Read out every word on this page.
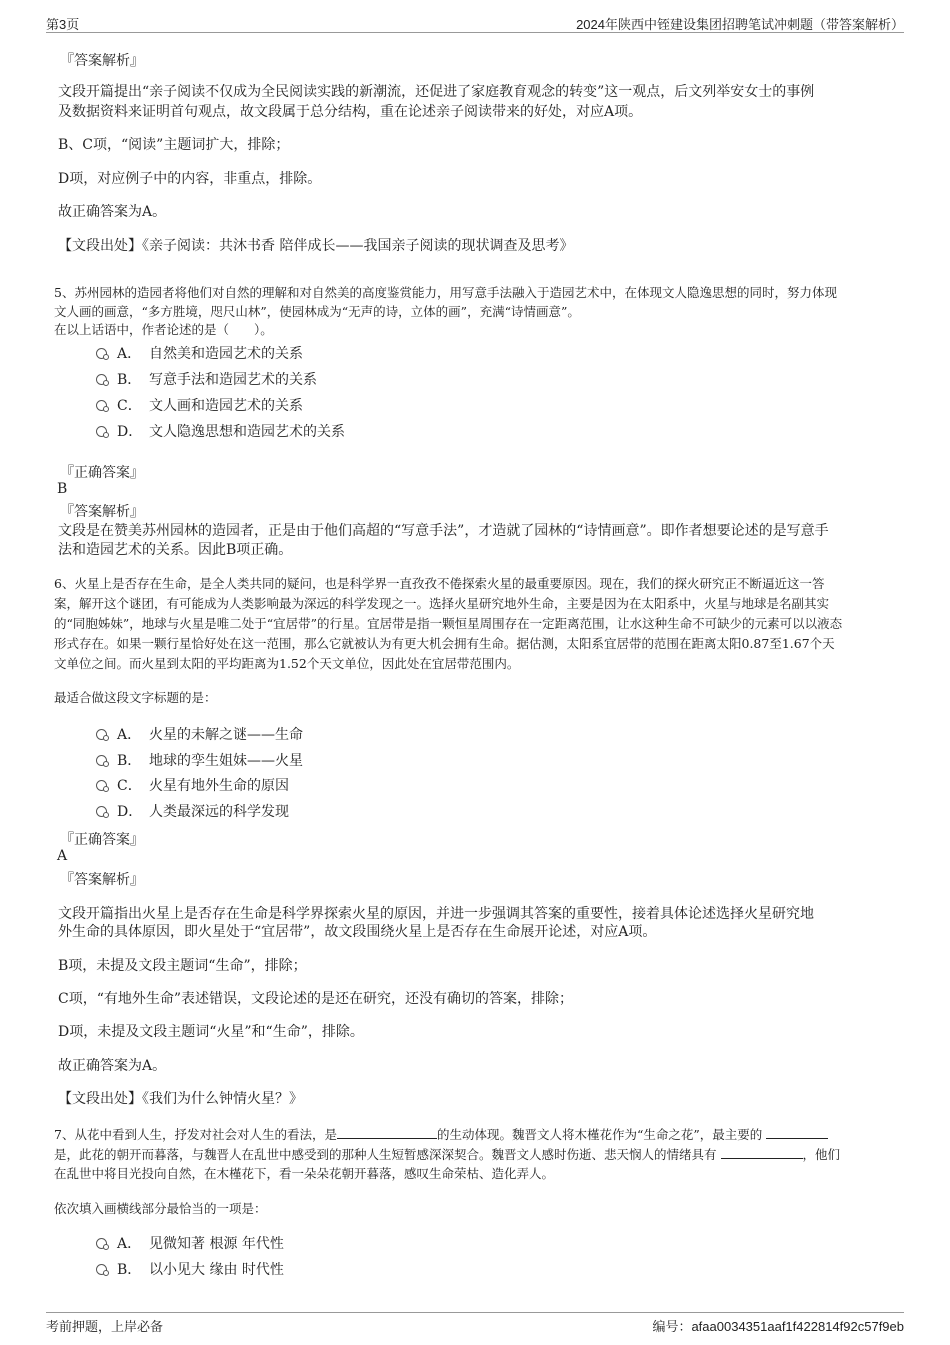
第3页	2024年陕西中铚建设集团招聘笔试冲刺题（带答案解析）
『答案解析』
文段开篇提出“亲子阅读不仅成为全民阅读实践的新潮流，还促进了家庭教育观念的转变”这一观点，后文列举安女士的事例
及数据资料来证明首句观点，故文段属于总分结构，重在论述亲子阅读带来的好处，对应A项。
B、C项，“阅读”主题词扩大，排除；
D项，对应例子中的内容，非重点，排除。
故正确答案为A。
【文段出处】《亲子阅读：共沐书香 陪伴成长——我国亲子阅读的现状调查及思考》
5、苏州园林的造园者将他们对自然的理解和对自然美的高度鉴赏能力，用写意手法融入于造园艺术中，在体现文人隐逸思想的同时，努力体现
文人画的画意，“多方胜境，咫尺山林”，使园林成为“无声的诗，立体的画”，充满“诗情画意”。
在以上话语中，作者论述的是（　　）。
A． 自然美和造园艺术的关系
B． 写意手法和造园艺术的关系
C． 文人画和造园艺术的关系
D． 文人隐逸思想和造园艺术的关系
『正确答案』
B
『答案解析』
文段是在赞美苏州园林的造园者，正是由于他们高超的“写意手法”，才造就了园林的“诗情画意”。即作者想要论述的是写意手
法和造园艺术的关系。因此B项正确。
6、火星上是否存在生命，是全人类共同的疑问，也是科学界一直孜孜不倦探索火星的最重要原因。现在，我们的探火研究正不断逼近这一答
案，解开这个谜团，有可能成为人类影响最为深远的科学发现之一。选择火星研究地外生命，主要是因为在太阳系中，火星与地球是名副其实
的“同胞姊妹”，地球与火星是唯二处于“宜居带”的行星。宜居带是指一颗恒星周围存在一定距离范围，让水这种生命不可缺少的元素可以以液态
形式存在。如果一颗行星恰好处在这一范围，那么它就被认为有更大机会拥有生命。据估测，太阳系宜居带的范围在距离太阳0.87至1.67个天
文单位之间。而火星到太阳的平均距离为1.52个天文单位，因此处在宜居带范围内。
最适合做这段文字标题的是：
A． 火星的未解之谜——生命
B． 地球的孪生姐妹——火星
C． 火星有地外生命的原因
D． 人类最深远的科学发现
『正确答案』
A
『答案解析』
文段开篇指出火星上是否存在生命是科学界探索火星的原因，并进一步强调其答案的重要性，接着具体论述选择火星研究地
外生命的具体原因，即火星处于“宜居带”，故文段围绕火星上是否存在生命展开论述，对应A项。
B项，未提及文段主题词“生命”，排除；
C项，“有地外生命”表述错误，文段论述的是还在研究，还没有确切的答案，排除；
D项，未提及文段主题词“火星”和“生命”，排除。
故正确答案为A。
【文段出处】《我们为什么钟情火星？》
7、从花中看到人生，抒发对社会对人生的看法，是	的生动体现。魏晋文人将木槿花作为“生命之花”，最主要的
是，此花的朝开而暮落，与魏晋人在乱世中感受到的那种人生短暂感深深契合。魏晋文人感时伤逝、悲天悯人的情绪具有	，他们
在乱世中将目光投向自然，在木槿花下，看一朵朵花朝开暮落，感叹生命荣枯、造化弄人。
依次填入画横线部分最恰当的一项是：
A． 见微知著 根源 年代性
B． 以小见大 缘由 时代性
考前押题，上岸必备	编号：afaa0034351aaf1f422814f92c57f9eb
